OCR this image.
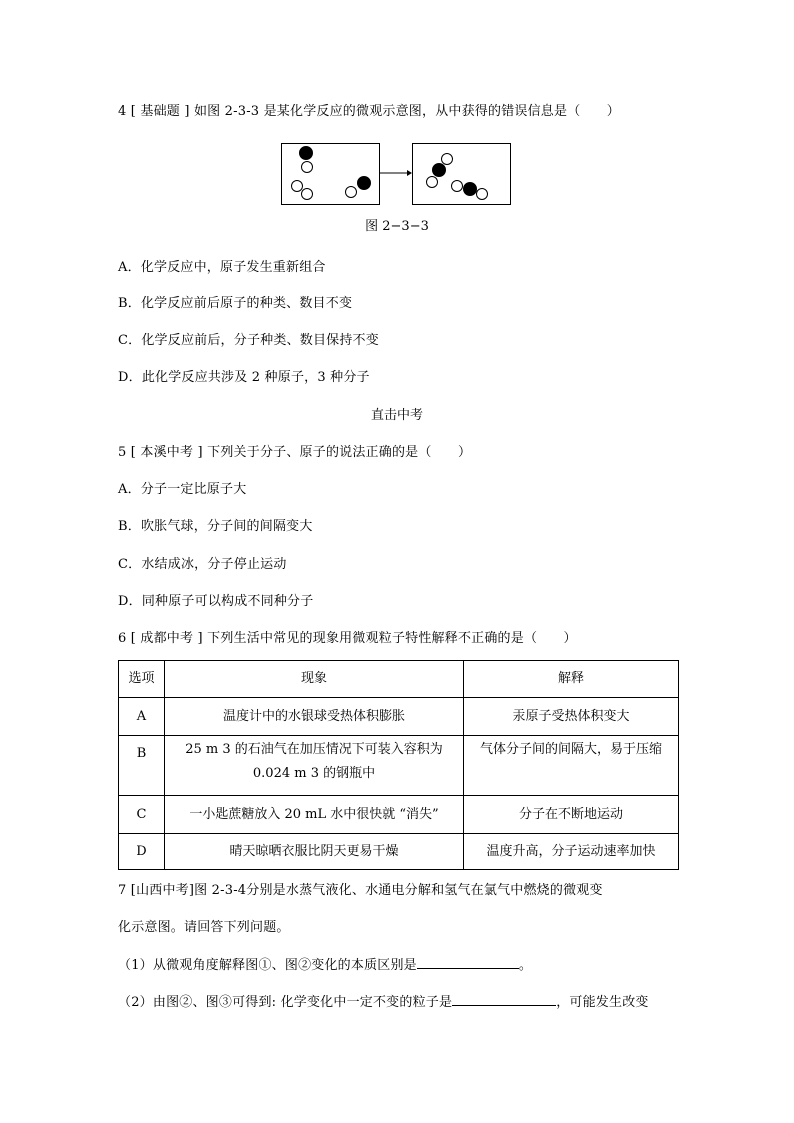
4 [ 基础题 ] 如图 2-3-3 是某化学反应的微观示意图，从中获得的错误信息是（　　）
图 2−3−3
A．化学反应中，原子发生重新组合
B．化学反应前后原子的种类、数目不变
C．化学反应前后，分子种类、数目保持不变
D．此化学反应共涉及 2 种原子，3 种分子
直击中考
5 [ 本溪中考 ] 下列关于分子、原子的说法正确的是（　　）
A．分子一定比原子大
B．吹胀气球，分子间的间隔变大
C．水结成冰，分子停止运动
D．同种原子可以构成不同种分子
6 [ 成都中考 ] 下列生活中常见的现象用微观粒子特性解释不正确的是（　　）
选项	现象	解释
A	温度计中的水银球受热体积膨胀	汞原子受热体积变大
B	25 m 3 的石油气在加压情况下可装入容积为
0.024 m 3 的钢瓶中	气体分子间的间隔大，易于压缩
C	一小匙蔗糖放入 20 mL 水中很快就 “消失”	分子在不断地运动
D	晴天晾晒衣服比阴天更易干燥	温度升高，分子运动速率加快
7 [山西中考]图 2-3-4分别是水蒸气液化、水通电分解和氢气在氯气中燃烧的微观变
化示意图。请回答下列问题。
（1）从微观角度解释图①、图②变化的本质区别是	。
（2）由图②、图③可得到: 化学变化中一定不变的粒子是	，可能发生改变
